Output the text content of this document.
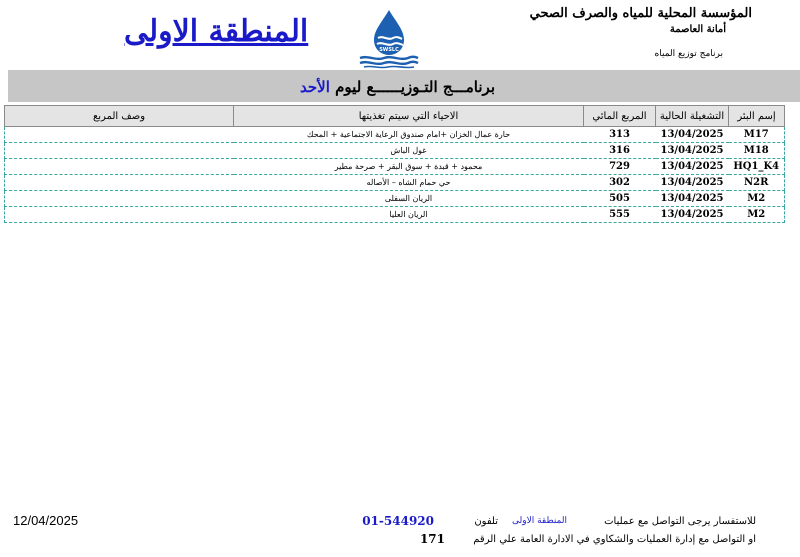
المؤسسة المحلية للمياه والصرف الصحي
أمانة العاصمة
برنامج توزيع المياه
SWSLC
المنطقة الاولى
برنامـــج التـوزيــــــع ليوم الأحد
إسم البئر	التشغيلة الحالية	المربع المائي	الاحياء التي سيتم تغذيتها	وصف المربع
M17	13/04/2025	313	حارة عمال الخزان +امام صندوق الرعاية الاجتماعية + المحك	
M18	13/04/2025	316	غول الباش	
HQ1_K4	13/04/2025	729	محمود + قبدة + سوق البقر + صرحة مطير	
N2R	13/04/2025	302	حي حمام الشاه – الأصاله	
M2	13/04/2025	505	الريان السفلى	
M2	13/04/2025	555	الريان العليا	
12/04/2025	للاستفسار يرجى التواصل مع عمليات
المنطقة الاولى
تلفون
01-544920
او التواصل مع إدارة العمليات والشكاوي في الادارة العامة علي الرقم
171
